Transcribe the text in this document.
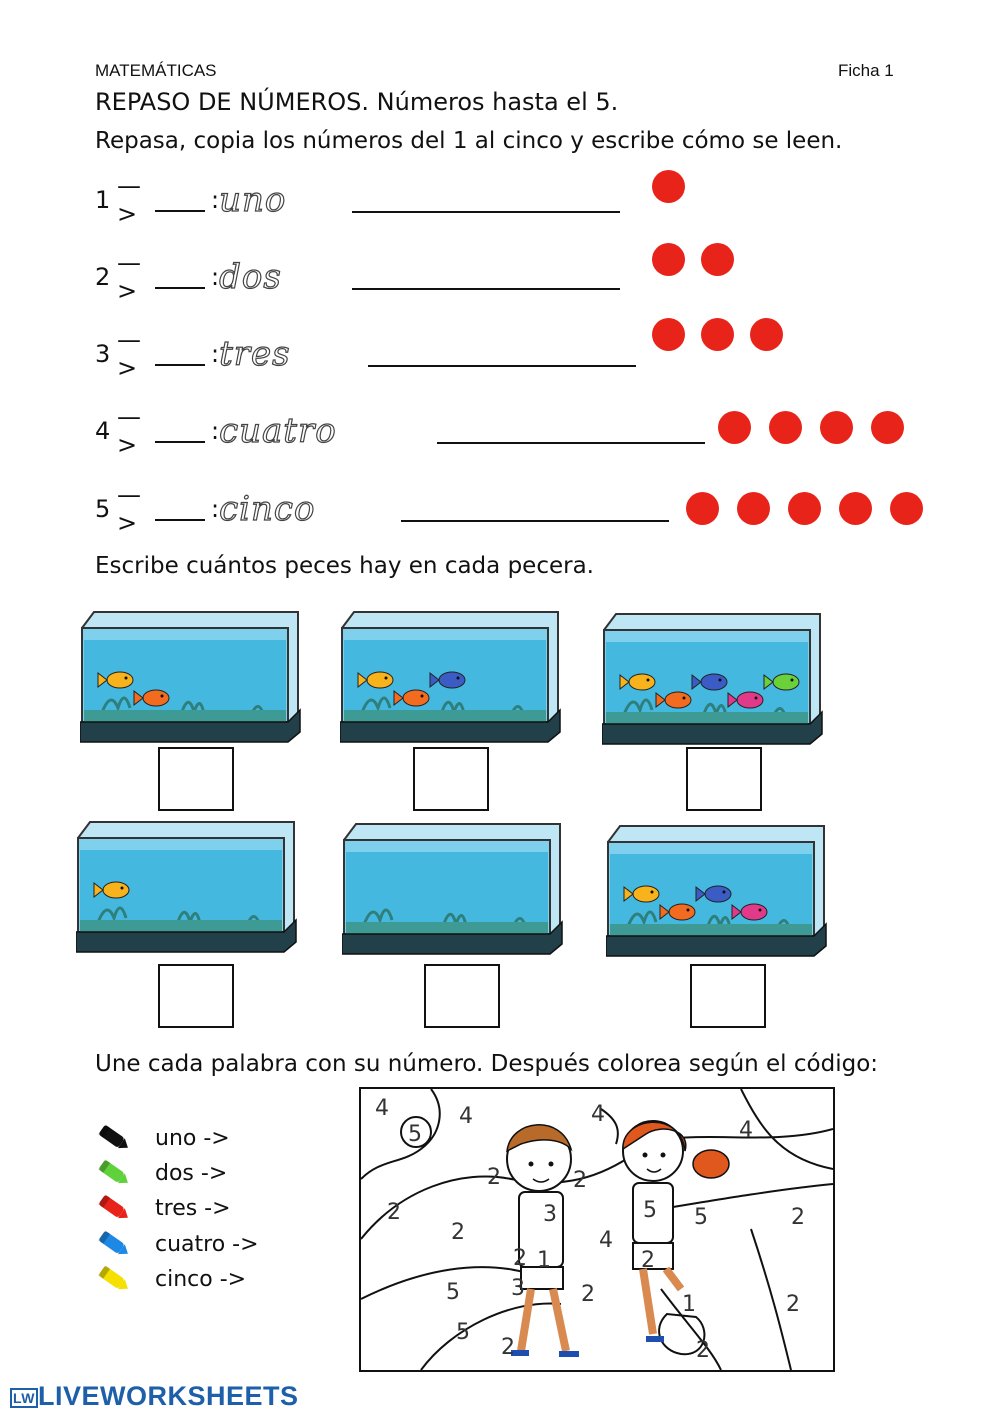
MATEMÁTICAS	Ficha 1
REPASO DE NÚMEROS. Números hasta el 5.
Repasa, copia los números del 1 al cinco y escribe cómo se leen.
1 —>	: uno
2 —>	: dos
3 —>	: tres
4 —>	: cuatro
5 —>	: cinco
Escribe cuántos peces hay en cada pecera.
Une cada palabra con su número. Después colorea según el código:
uno ->
dos ->
tres ->
cuatro ->
cinco ->
4
5
4	4
4
2	2
3	5
2
2
5	2
4
2 1	2
3
5	1
2	2
5
2	2
LW LIVEWORKSHEETS
